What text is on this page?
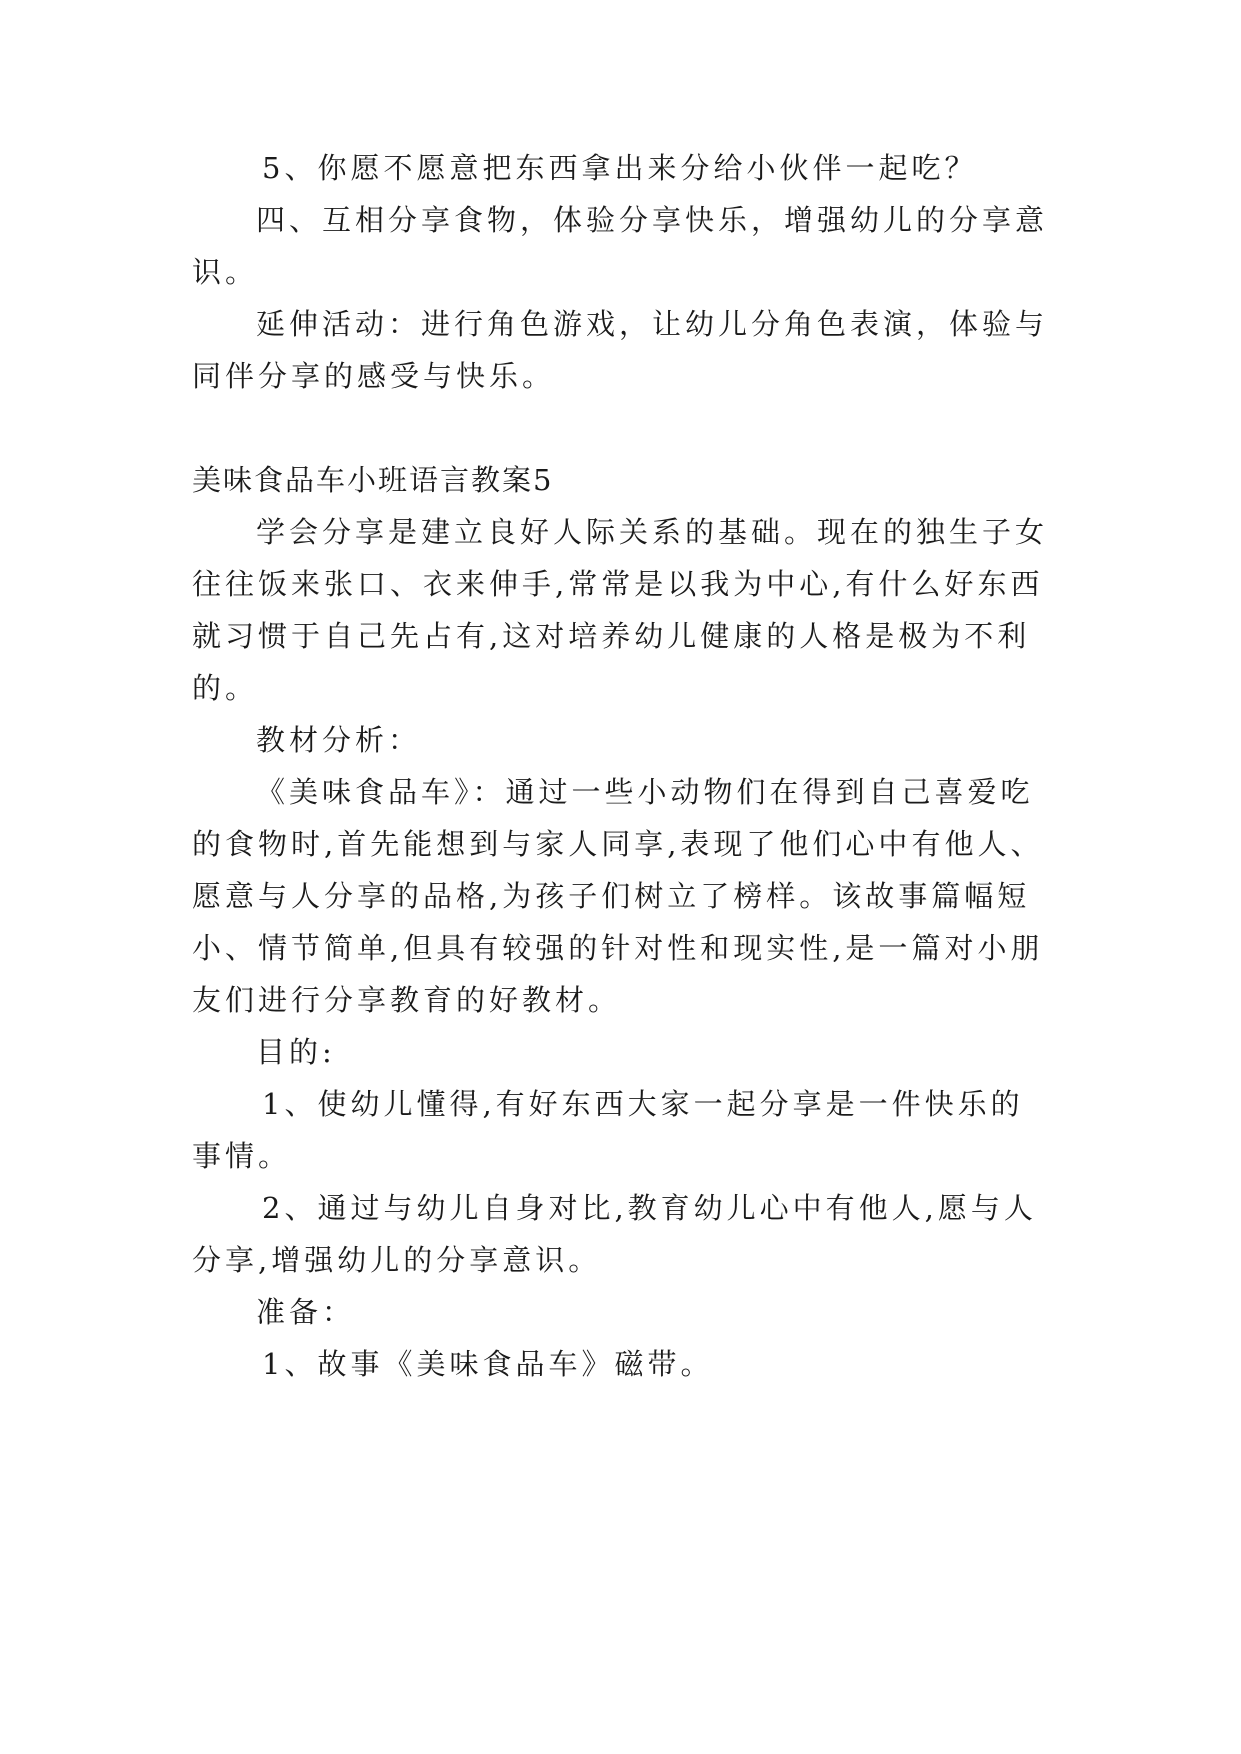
5、你愿不愿意把东西拿出来分给小伙伴一起吃？
四、互相分享食物，体验分享快乐，增强幼儿的分享意
识。
延伸活动：进行角色游戏，让幼儿分角色表演，体验与
同伴分享的感受与快乐。
美味食品车小班语言教案5
学会分享是建立良好人际关系的基础。现在的独生子女
往往饭来张口、衣来伸手,常常是以我为中心,有什么好东西
就习惯于自己先占有,这对培养幼儿健康的人格是极为不利
的。
教材分析：
《美味食品车》：通过一些小动物们在得到自己喜爱吃
的食物时,首先能想到与家人同享,表现了他们心中有他人、
愿意与人分享的品格,为孩子们树立了榜样。该故事篇幅短
小、情节简单,但具有较强的针对性和现实性,是一篇对小朋
友们进行分享教育的好教材。
目的:
1、使幼儿懂得,有好东西大家一起分享是一件快乐的
事情。
2、通过与幼儿自身对比,教育幼儿心中有他人,愿与人
分享,增强幼儿的分享意识。
准备：
1、故事《美味食品车》磁带。
